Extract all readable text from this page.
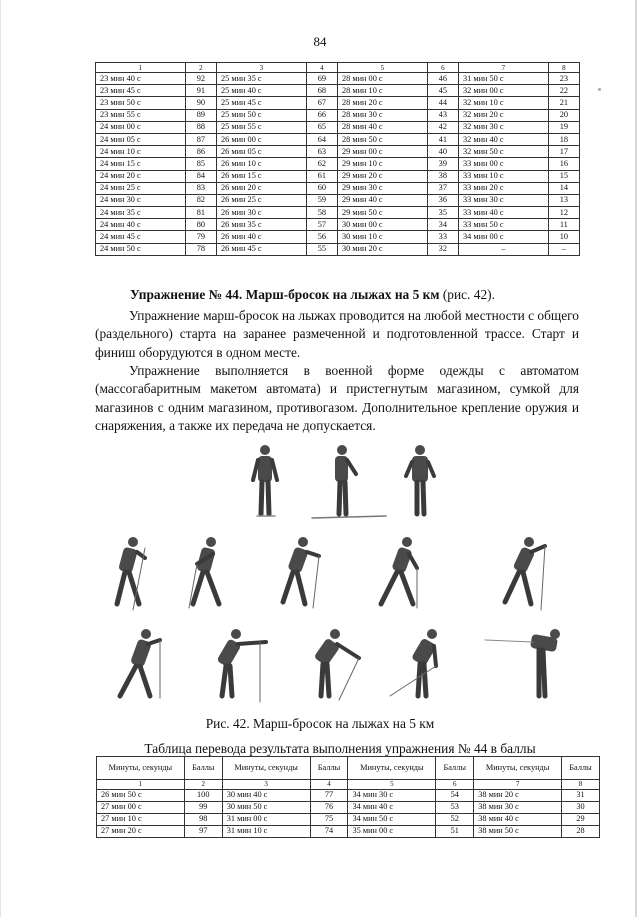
84
1	2	3	4	5	6	7	8
23 мин 40 с	92	25 мин 35 с	69	28 мин 00 с	46	31 мин 50 с	23
23 мин 45 с	91	25 мин 40 с	68	28 мин 10 с	45	32 мин 00 с	22
23 мин 50 с	90	25 мин 45 с	67	28 мин 20 с	44	32 мин 10 с	21
23 мин 55 с	89	25 мин 50 с	66	28 мин 30 с	43	32 мин 20 с	20
24 мин 00 с	88	25 мин 55 с	65	28 мин 40 с	42	32 мин 30 с	19
24 мин 05 с	87	26 мин 00 с	64	28 мин 50 с	41	32 мин 40 с	18
24 мин 10 с	86	26 мин 05 с	63	29 мин 00 с	40	32 мин 50 с	17
24 мин 15 с	85	26 мин 10 с	62	29 мин 10 с	39	33 мин 00 с	16
24 мин 20 с	84	26 мин 15 с	61	29 мин 20 с	38	33 мин 10 с	15
24 мин 25 с	83	26 мин 20 с	60	29 мин 30 с	37	33 мин 20 с	14
24 мин 30 с	82	26 мин 25 с	59	29 мин 40 с	36	33 мин 30 с	13
24 мин 35 с	81	26 мин 30 с	58	29 мин 50 с	35	33 мин 40 с	12
24 мин 40 с	80	26 мин 35 с	57	30 мин 00 с	34	33 мин 50 с	11
24 мин 45 с	79	26 мин 40 с	56	30 мин 10 с	33	34 мин 00 с	10
24 мин 50 с	78	26 мин 45 с	55	30 мин 20 с	32	–	–
Упражнение № 44. Марш-бросок на лыжах на 5 км (рис. 42).
Упражнение марш-бросок на лыжах проводится на любой местности с общего (раздельного) старта на заранее размеченной и подготовленной трассе. Старт и финиш оборудуются в одном месте.
Упражнение выполняется в военной форме одежды с автоматом (массогабаритным макетом автомата) и пристегнутым магазином, сумкой для магазинов с одним магазином, противогазом. Дополнительное крепление оружия и снаряжения, а также их передача не допускается.
Рис. 42. Марш-бросок на лыжах на 5 км
Таблица перевода результата выполнения упражнения № 44 в баллы
Минуты, секунды	Баллы	Минуты, секунды	Баллы	Минуты, секунды	Баллы	Минуты, секунды	Баллы
1	2	3	4	5	6	7	8
26 мин 50 с	100	30 мин 40 с	77	34 мин 30 с	54	38 мин 20 с	31
27 мин 00 с	99	30 мин 50 с	76	34 мин 40 с	53	38 мин 30 с	30
27 мин 10 с	98	31 мин 00 с	75	34 мин 50 с	52	38 мин 40 с	29
27 мин 20 с	97	31 мин 10 с	74	35 мин 00 с	51	38 мин 50 с	28
